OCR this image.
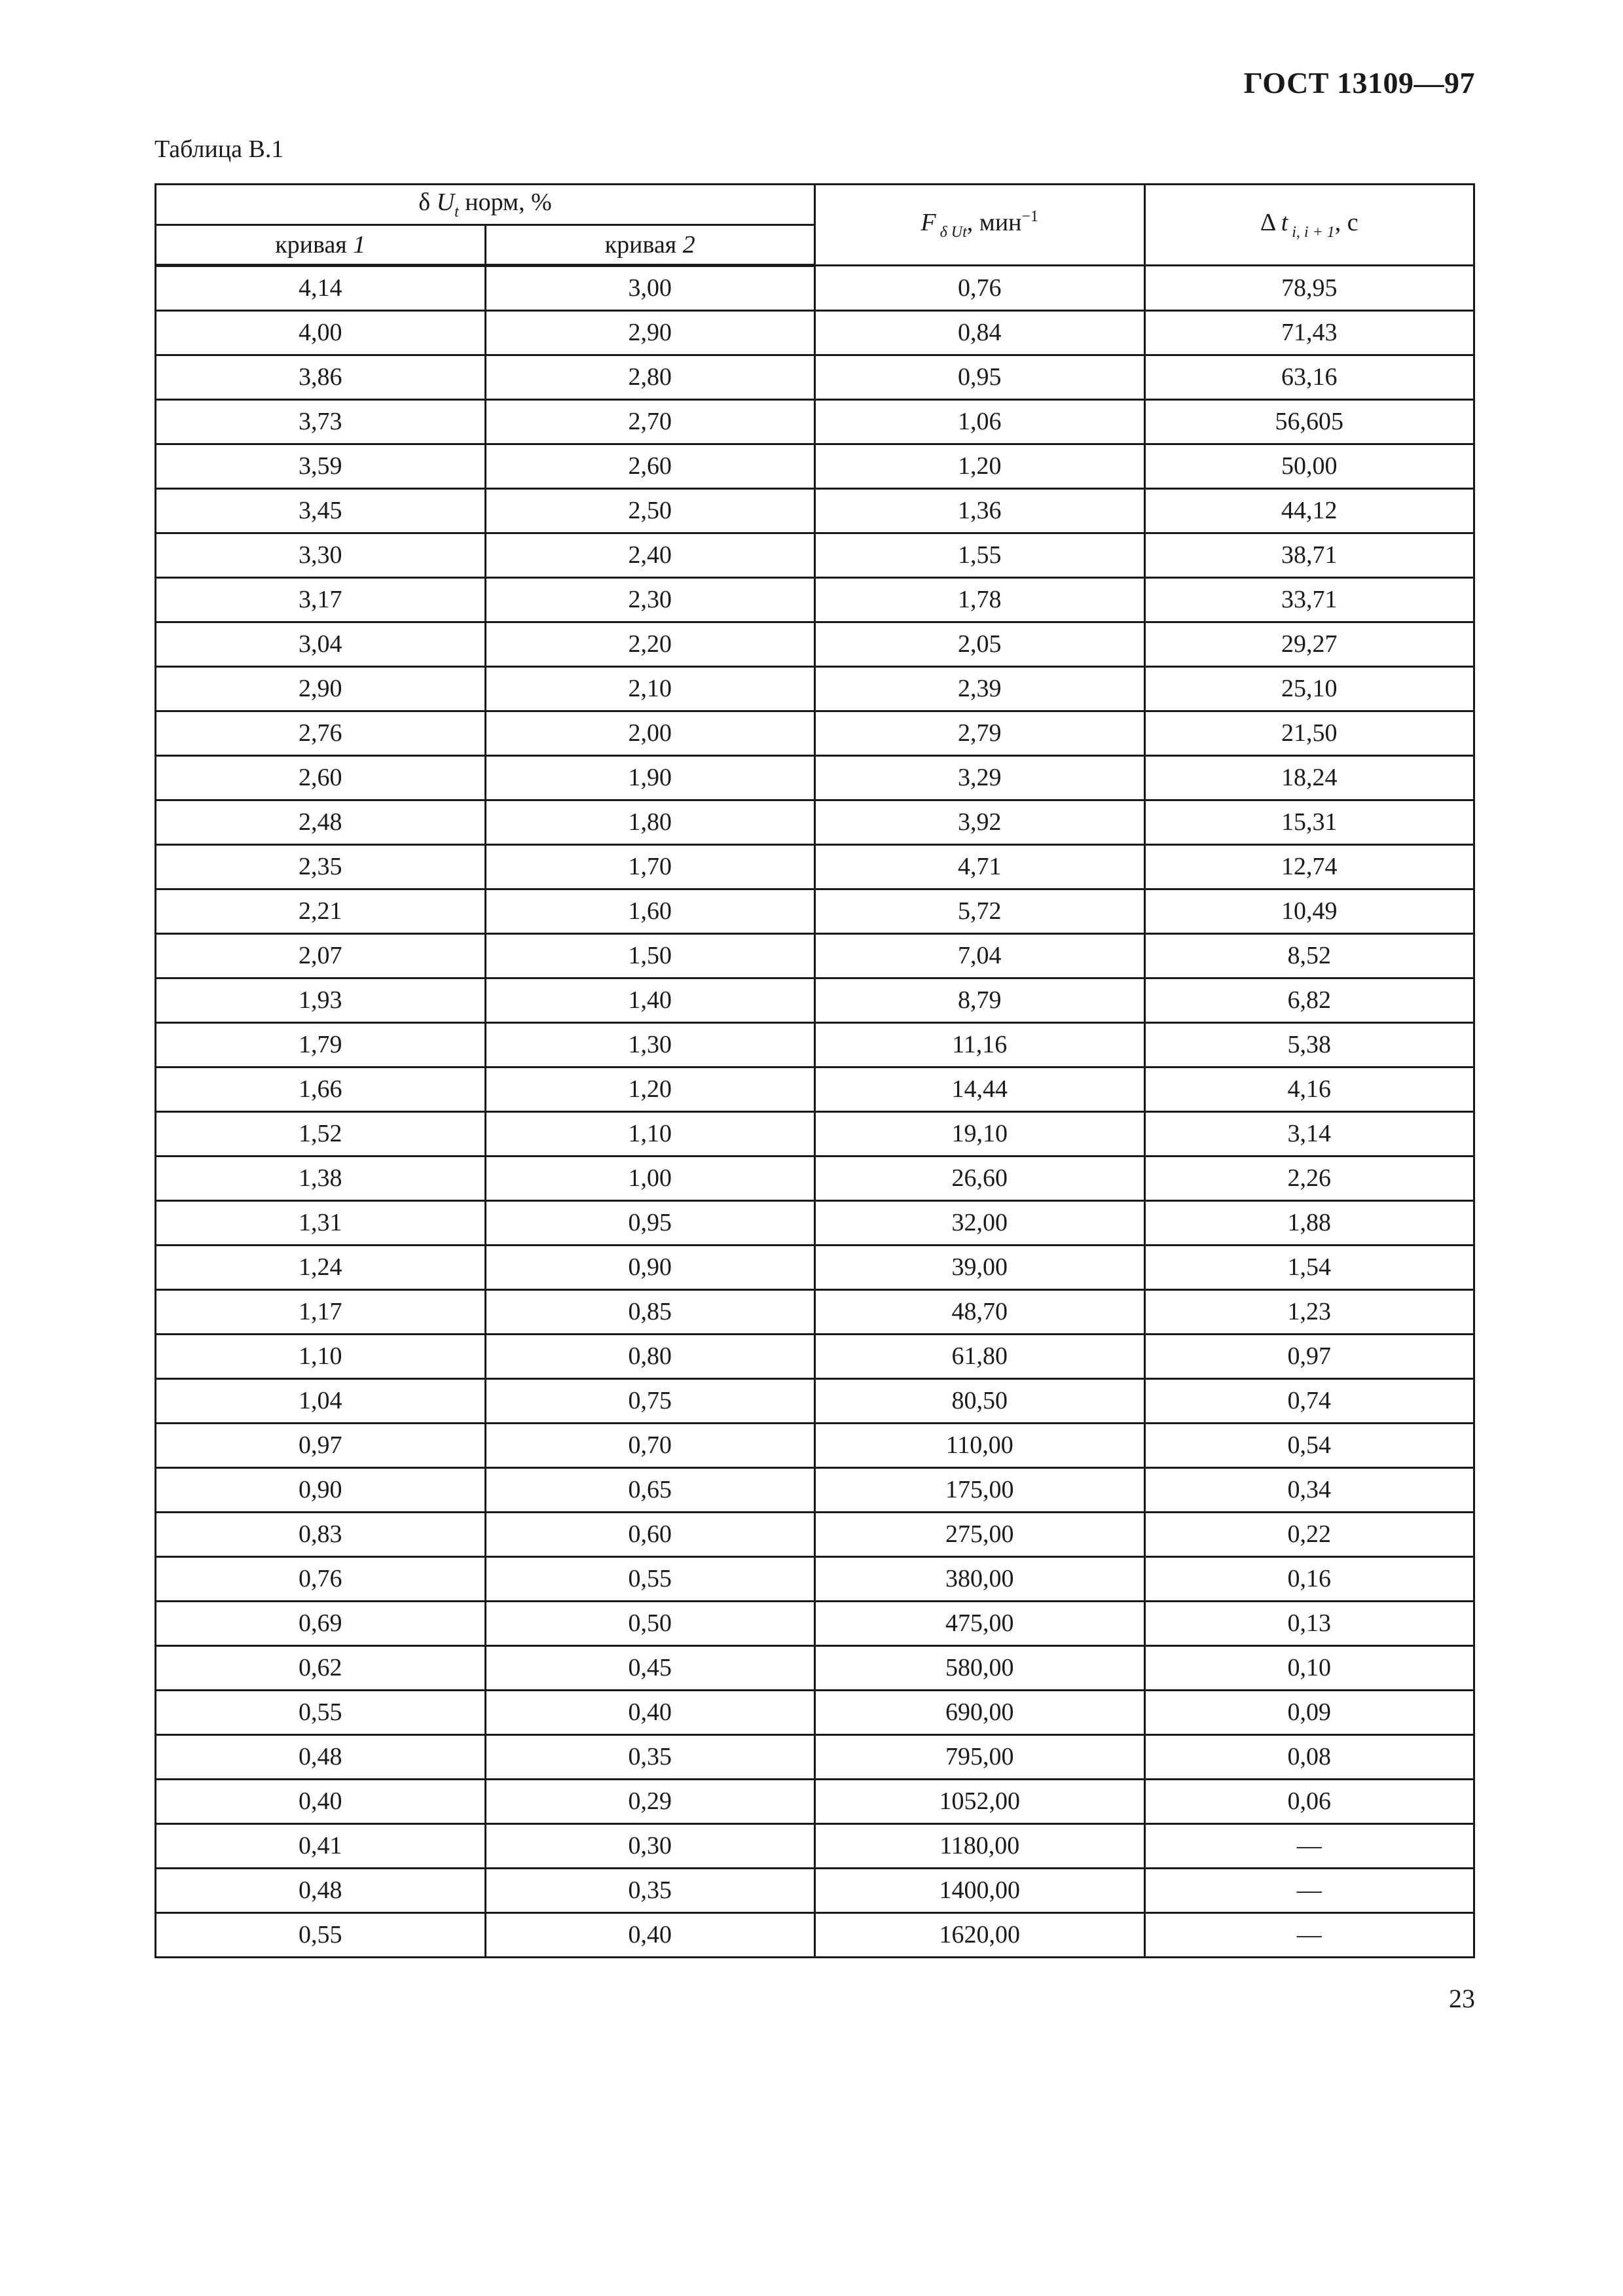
ГОСТ 13109—97
Таблица В.1
δ $U_t$ норм, %		F $_{\delta Ut}$, мин$^{-1}$	Δ t $_{i, i + 1}$, с
кривая 1	кривая 2		
4,14	3,00	0,76	78,95
4,00	2,90	0,84	71,43
3,86	2,80	0,95	63,16
3,73	2,70	1,06	56,605
3,59	2,60	1,20	50,00
3,45	2,50	1,36	44,12
3,30	2,40	1,55	38,71
3,17	2,30	1,78	33,71
3,04	2,20	2,05	29,27
2,90	2,10	2,39	25,10
2,76	2,00	2,79	21,50
2,60	1,90	3,29	18,24
2,48	1,80	3,92	15,31
2,35	1,70	4,71	12,74
2,21	1,60	5,72	10,49
2,07	1,50	7,04	8,52
1,93	1,40	8,79	6,82
1,79	1,30	11,16	5,38
1,66	1,20	14,44	4,16
1,52	1,10	19,10	3,14
1,38	1,00	26,60	2,26
1,31	0,95	32,00	1,88
1,24	0,90	39,00	1,54
1,17	0,85	48,70	1,23
1,10	0,80	61,80	0,97
1,04	0,75	80,50	0,74
0,97	0,70	110,00	0,54
0,90	0,65	175,00	0,34
0,83	0,60	275,00	0,22
0,76	0,55	380,00	0,16
0,69	0,50	475,00	0,13
0,62	0,45	580,00	0,10
0,55	0,40	690,00	0,09
0,48	0,35	795,00	0,08
0,40	0,29	1052,00	0,06
0,41	0,30	1180,00	—
0,48	0,35	1400,00	—
0,55	0,40	1620,00	—
23
